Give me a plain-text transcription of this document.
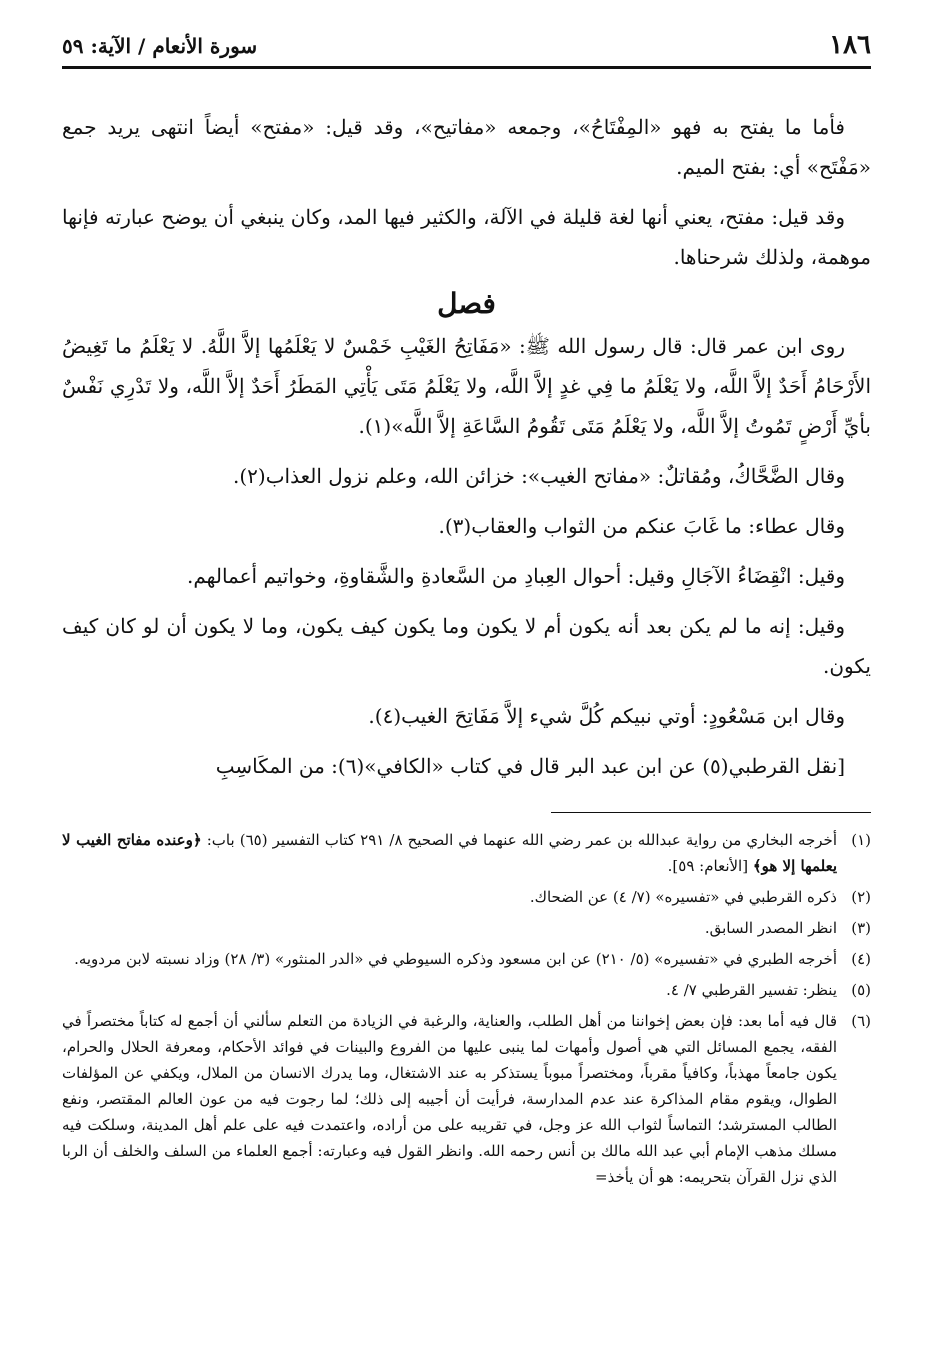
١٨٦
سورة الأنعام / الآية: ٥٩

فأما ما يفتح به فهو «المِفْتَاحُ»، وجمعه «مفاتيح»، وقد قيل: «مفتح» أيضاً انتهى يريد جمع «مَفْتَح» أي: بفتح الميم.

وقد قيل: مفتح، يعني أنها لغة قليلة في الآلة، والكثير فيها المد، وكان ينبغي أن يوضح عبارته فإنها موهمة، ولذلك شرحناها.

فصل

روى ابن عمر قال: قال رسول الله ﷺ: «مَفَاتِحُ الغَيْبِ خَمْسٌ لا يَعْلَمُها إلاَّ اللَّهُ. لا يَعْلَمُ ما تَغِيضُ الأَرْحَامُ أَحَدٌ إلاَّ اللَّه، ولا يَعْلَمُ ما فِي غدٍ إلاَّ اللَّه، ولا يَعْلَمُ مَتَى يَأْتِي المَطَرُ أَحَدٌ إلاَّ اللَّه، ولا تَدْرِي نَفْسٌ بأيِّ أَرْضٍ تَمُوتُ إلاَّ اللَّه، ولا يَعْلَمُ مَتَى تَقُومُ السَّاعَةِ إلاَّ اللَّه»(١).

وقال الضَّحَّاكُ، ومُقاتلٌ: «مفاتح الغيب»: خزائن الله، وعلم نزول العذاب(٢).

وقال عطاء: ما غَابَ عنكم من الثواب والعقاب(٣).

وقيل: انْقِضَاءُ الآجَالِ وقيل: أحوال العِبادِ من السَّعادةِ والشَّقاوةِ، وخواتيم أعمالهم.

وقيل: إنه ما لم يكن بعد أنه يكون أم لا يكون وما يكون كيف يكون، وما لا يكون أن لو كان كيف يكون.

وقال ابن مَسْعُودٍ: أوتي نبيكم كُلَّ شيء إلاَّ مَفَاتِحَ الغيب(٤).

[نقل القرطبي(٥) عن ابن عبد البر قال في كتاب «الكافي»(٦): من المكَاسِبِ

(١)
أخرجه البخاري من رواية عبدالله بن عمر رضي الله عنهما في الصحيح ٨/ ٢٩١ كتاب التفسير (٦٥) باب: ﴿وعنده مفاتح الغيب لا يعلمها إلا هو﴾ [الأنعام: ٥٩].
(٢)
ذكره القرطبي في «تفسيره» (٧/ ٤) عن الضحاك.
(٣)
انظر المصدر السابق.
(٤)
أخرجه الطبري في «تفسيره» (٥/ ٢١٠) عن ابن مسعود وذكره السيوطي في «الدر المنثور» (٣/ ٢٨) وزاد نسبته لابن مردويه.
(٥)
ينظر: تفسير القرطبي ٧/ ٤.
(٦)
قال فيه أما بعد: فإن بعض إخواننا من أهل الطلب، والعناية، والرغبة في الزيادة من التعلم سألني أن أجمع له كتاباً مختصراً في الفقه، يجمع المسائل التي هي أصول وأمهات لما ينبى عليها من الفروع والبينات في فوائد الأحكام، ومعرفة الحلال والحرام، يكون جامعاً مهذباً، وكافياً مقرباً، ومختصراً مبوباً يستذكر به عند الاشتغال، وما يدرك الانسان من الملال، ويكفي عن المؤلفات الطوال، ويقوم مقام المذاكرة عند عدم المدارسة، فرأيت أن أجيبه إلى ذلك؛ لما رجوت فيه من عون العالم المقتصر، ونفع الطالب المسترشد؛ التماساً لثواب الله عز وجل، في تقريبه على من أراده، واعتمدت فيه على علم أهل المدينة، وسلكت فيه مسلك مذهب الإمام أبي عبد الله مالك بن أنس رحمه الله. وانظر القول فيه وعبارته: أجمع العلماء من السلف والخلف أن الربا الذي نزل القرآن بتحريمه: هو أن يأخذ=
